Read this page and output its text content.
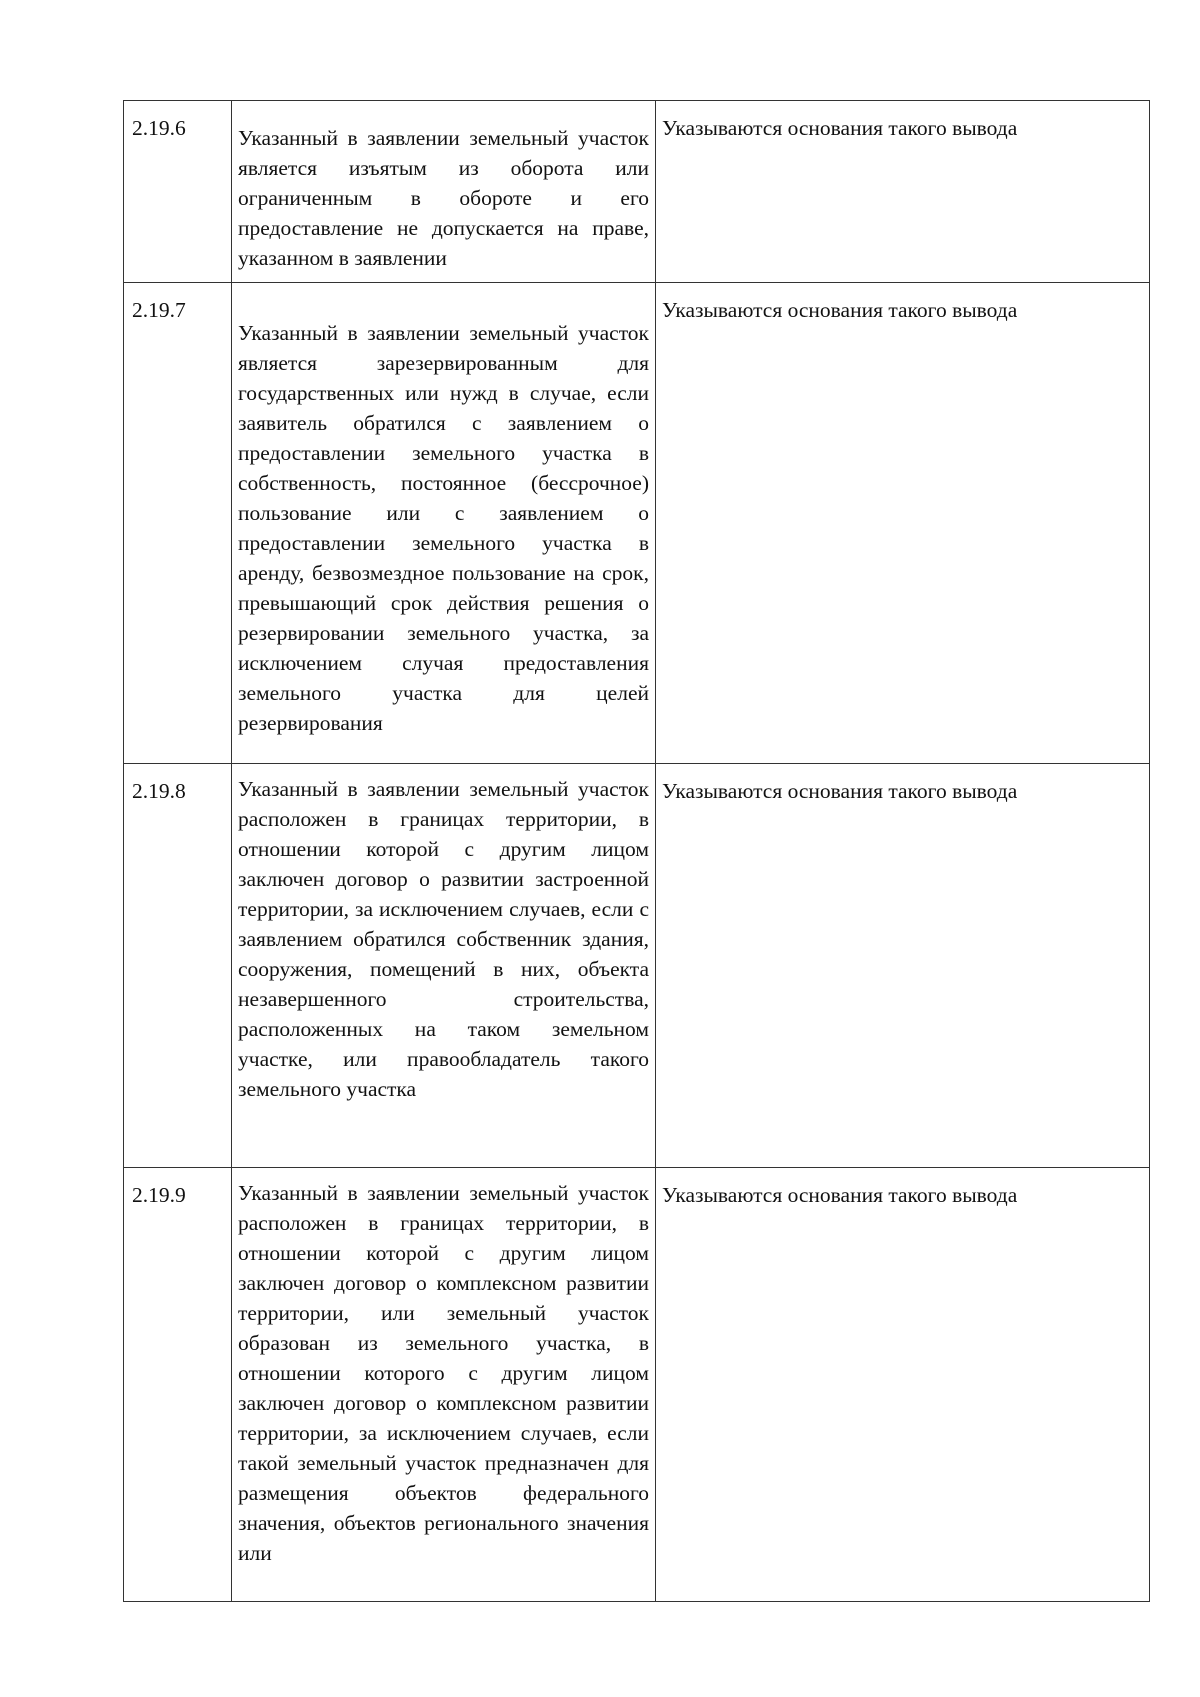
2.19.6	Указанный в заявлении земельный участок является изъятым из оборота или ограниченным в обороте и его предоставление не допускается на праве, указанном в заявлении	Указываются основания такого вывода
2.19.7	Указанный в заявлении земельный участок является зарезервированным для государственных или нужд в случае, если заявитель обратился с заявлением о предоставлении земельного участка в собственность, постоянное (бессрочное) пользование или с заявлением о предоставлении земельного участка в аренду, безвозмездное пользование на срок, превышающий срок действия решения о резервировании земельного участка, за исключением случая предоставления земельного участка для целей резервирования	Указываются основания такого вывода
2.19.8	Указанный в заявлении земельный участок расположен в границах территории, в отношении которой с другим лицом заключен договор о развитии застроенной территории, за исключением случаев, если с заявлением обратился собственник здания, сооружения, помещений в них, объекта незавершенного строительства, расположенных на таком земельном участке, или правообладатель такого земельного участка	Указываются основания такого вывода
2.19.9	Указанный в заявлении земельный участок расположен в границах территории, в отношении которой с другим лицом заключен договор о комплексном развитии территории, или земельный участок образован из земельного участка, в отношении которого с другим лицом заключен договор о комплексном развитии территории, за исключением случаев, если такой земельный участок предназначен для размещения объектов федерального значения, объектов регионального значения или	Указываются основания такого вывода
